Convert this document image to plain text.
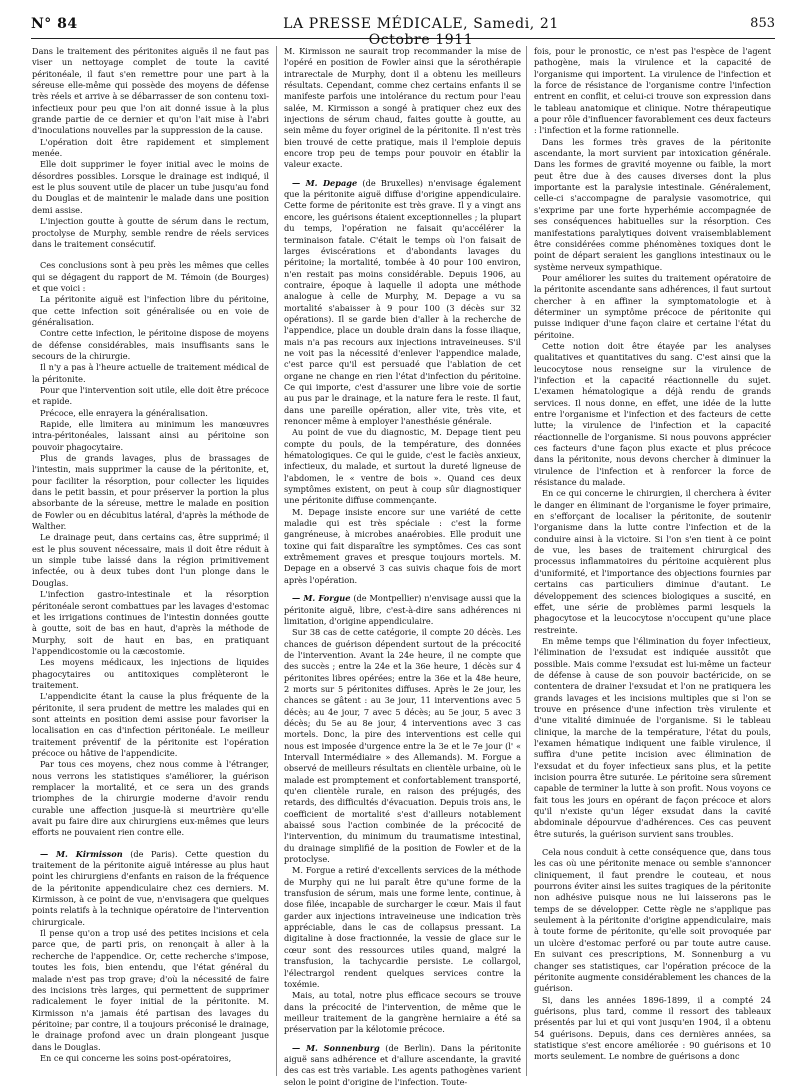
N° 84	LA PRESSE MÉDICALE, Samedi, 21 Octobre 1911
853

Dans le traitement des péritonites aiguës il ne faut pas viser un nettoyage complet de toute la cavité péritonéale, il faut s'en remettre pour une part à la séreuse elle-même qui possède des moyens de défense très réels et arrive à se débarrasser de son contenu toxi-infectieux pour peu que l'on ait donné issue à la plus grande partie de ce dernier et qu'on l'ait mise à l'abri d'inoculations nouvelles par la suppression de la cause.

L'opération doit être rapidement et simplement menée.

Elle doit supprimer le foyer initial avec le moins de désordres possibles. Lorsque le drainage est indiqué, il est le plus souvent utile de placer un tube jusqu'au fond du Douglas et de maintenir le malade dans une position demi assise.

L'injection goutte à goutte de sérum dans le rectum, proctolyse de Murphy, semble rendre de réels services dans le traitement consécutif.

Ces conclusions sont à peu près les mêmes que celles qui se dégagent du rapport de M. Témoin (de Bourges) et que voici :

La péritonite aiguë est l'infection libre du péritoine, que cette infection soit généralisée ou en voie de généralisation.

Contre cette infection, le péritoine dispose de moyens de défense considérables, mais insuffisants sans le secours de la chirurgie.

Il n'y a pas à l'heure actuelle de traitement médical de la péritonite.

Pour que l'intervention soit utile, elle doit être précoce et rapide.

Précoce, elle enrayera la généralisation.

Rapide, elle limitera au minimum les manœuvres intra-péritonéales, laissant ainsi au péritoine son pouvoir phagocytaire.

Plus de grands lavages, plus de brassages de l'intestin, mais supprimer la cause de la péritonite, et, pour faciliter la résorption, pour collecter les liquides dans le petit bassin, et pour préserver la portion la plus absorbante de la séreuse, mettre le malade en position de Fowler ou en décubitus latéral, d'après la méthode de Walther.

Le drainage peut, dans certains cas, être supprimé; il est le plus souvent nécessaire, mais il doit être réduit à un simple tube laissé dans la région primitivement infectée, ou à deux tubes dont l'un plonge dans le Douglas.

L'infection gastro-intestinale et la résorption péritonéale seront combattues par les lavages d'estomac et les irrigations continues de l'intestin données goutte à goutte, soit de bas en haut, d'après la méthode de Murphy, soit de haut en bas, en pratiquant l'appendicostomie ou la cæcostomie.

Les moyens médicaux, les injections de liquides phagocytaires ou antitoxiques complèteront le traitement.

L'appendicite étant la cause la plus fréquente de la péritonite, il sera prudent de mettre les malades qui en sont atteints en position demi assise pour favoriser la localisation en cas d'infection péritonéale. Le meilleur traitement préventif de la péritonite est l'opération précoce ou hâtive de l'appendicite.

Par tous ces moyens, chez nous comme à l'étranger, nous verrons les statistiques s'améliorer, la guérison remplacer la mortalité, et ce sera un des grands triomphes de la chirurgie moderne d'avoir rendu curable une affection jusque-là si meurtrière qu'elle avait pu faire dire aux chirurgiens eux-mêmes que leurs efforts ne pouvaient rien contre elle.

— M. Kirmisson (de Paris). Cette question du traitement de la péritonite aiguë intéresse au plus haut point les chirurgiens d'enfants en raison de la fréquence de la péritonite appendiculaire chez ces derniers. M. Kirmisson, à ce point de vue, n'envisagera que quelques points relatifs à la technique opératoire de l'intervention chirurgicale.

Il pense qu'on a trop usé des petites incisions et cela parce que, de parti pris, on renonçait à aller à la recherche de l'appendice. Or, cette recherche s'impose, toutes les fois, bien entendu, que l'état général du malade n'est pas trop grave; d'où la nécessité de faire des incisions très larges, qui permettent de supprimer radicalement le foyer initial de la péritonite. M. Kirmisson n'a jamais été partisan des lavages du péritoine; par contre, il a toujours préconisé le drainage, le drainage profond avec un drain plongeant jusque dans le Douglas.

En ce qui concerne les soins post-opératoires,

M. Kirmisson ne saurait trop recommander la mise de l'opéré en position de Fowler ainsi que la sérothérapie intrarectale de Murphy, dont il a obtenu les meilleurs résultats. Cependant, comme chez certains enfants il se manifeste parfois une intolérance du rectum pour l'eau salée, M. Kirmisson a songé à pratiquer chez eux des injections de sérum chaud, faites goutte à goutte, au sein même du foyer originel de la péritonite. Il n'est très bien trouvé de cette pratique, mais il l'emploie depuis encore trop peu de temps pour pouvoir en établir la valeur exacte.

— M. Depage (de Bruxelles) n'envisage également que la péritonite aiguë diffuse d'origine appendiculaire. Cette forme de péritonite est très grave. Il y a vingt ans encore, les guérisons étaient exceptionnelles ; la plupart du temps, l'opération ne faisait qu'accélérer la terminaison fatale. C'était le temps où l'on faisait de larges éviscérations et d'abondants lavages du péritoine; la mortalité, tombée à 40 pour 100 environ, n'en restait pas moins considérable. Depuis 1906, au contraire, époque à laquelle il adopta une méthode analogue à celle de Murphy, M. Depage a vu sa mortalité s'abaisser à 9 pour 100 (3 décès sur 32 opérations). Il se garde bien d'aller à la recherche de l'appendice, place un double drain dans la fosse iliaque, mais n'a pas recours aux injections intraveineuses. S'il ne voit pas la nécessité d'enlever l'appendice malade, c'est parce qu'il est persuadé que l'ablation de cet organe ne change en rien l'état d'infection du péritoine. Ce qui importe, c'est d'assurer une libre voie de sortie au pus par le drainage, et la nature fera le reste. Il faut, dans une pareille opération, aller vite, très vite, et renoncer même à employer l'anesthésie générale.

Au point de vue du diagnostic, M. Depage tient peu compte du pouls, de la température, des données hématologiques. Ce qui le guide, c'est le faciès anxieux, infectieux, du malade, et surtout la dureté ligneuse de l'abdomen, le « ventre de bois ». Quand ces deux symptômes existent, on peut à coup sûr diagnostiquer une péritonite diffuse commençante.

M. Depage insiste encore sur une variété de cette maladie qui est très spéciale : c'est la forme gangréneuse, à microbes anaérobies. Elle produit une toxine qui fait disparaître les symptômes. Ces cas sont extrêmement graves et presque toujours mortels. M. Depage en a observé 3 cas suivis chaque fois de mort après l'opération.

— M. Forgue (de Montpellier) n'envisage aussi que la péritonite aiguë, libre, c'est-à-dire sans adhérences ni limitation, d'origine appendiculaire.

Sur 38 cas de cette catégorie, il compte 20 décès. Les chances de guérison dépendent surtout de la précocité de l'intervention. Avant la 24e heure, il ne compte que des succès ; entre la 24e et la 36e heure, 1 décès sur 4 péritonites libres opérées; entre la 36e et la 48e heure, 2 morts sur 5 péritonites diffuses. Après le 2e jour, les chances se gâtent : au 3e jour, 11 interventions avec 5 décès; au 4e jour, 7 avec 5 décès; au 5e jour, 5 avec 3 décès; du 5e au 8e jour, 4 interventions avec 3 cas mortels. Donc, la pire des interventions est celle qui nous est imposée d'urgence entre la 3e et le 7e jour (l' « Intervall Intermédiaire » des Allemands). M. Forgue a observé de meilleurs résultats en clientèle urbaine, où le malade est promptement et confortablement transporté, qu'en clientèle rurale, en raison des préjugés, des retards, des difficultés d'évacuation. Depuis trois ans, le coefficient de mortalité s'est d'ailleurs notablement abaissé sous l'action combinée de la précocité de l'intervention, du minimum du traumatisme intestinal, du drainage simplifié de la position de Fowler et de la protoclyse.

M. Forgue a retiré d'excellents services de la méthode de Murphy qui ne lui paraît être qu'une forme de la transfusion de sérum, mais une forme lente, continue, à dose filée, incapable de surcharger le cœur. Mais il faut garder aux injections intraveineuse une indication très appréciable, dans le cas de collapsus pressant. La digitaline à dose fractionnée, la vessie de glace sur le cœur sont des ressources utiles quand, malgré la transfusion, la tachycardie persiste. Le collargol, l'électrargol rendent quelques services contre la toxémie.

Mais, au total, notre plus efficace secours se trouve dans la précocité de l'intervention, de même que le meilleur traitement de la gangrène herniaire a été sa préservation par la kélotomie précoce.

— M. Sonnenburg (de Berlin). Dans la péritonite aiguë sans adhérence et d'allure ascendante, la gravité des cas est très variable. Les agents pathogènes varient selon le point d'origine de l'infection. Toute-

fois, pour le pronostic, ce n'est pas l'espèce de l'agent pathogène, mais la virulence et la capacité de l'organisme qui importent. La virulence de l'infection et la force de résistance de l'organisme contre l'infection entrent en conflit, et celui-ci trouve son expression dans le tableau anatomique et clinique. Notre thérapeutique a pour rôle d'influencer favorablement ces deux facteurs : l'infection et la forme rationnelle.

Dans les formes très graves de la péritonite ascendante, la mort survient par intoxication générale. Dans les formes de gravité moyenne ou faible, la mort peut être due à des causes diverses dont la plus importante est la paralysie intestinale. Généralement, celle-ci s'accompagne de paralysie vasomotrice, qui s'exprime par une forte hyperhémie accompagnée de ses conséquences habituelles sur la résorption. Ces manifestations paralytiques doivent vraisemblablement être considérées comme phénomènes toxiques dont le point de départ seraient les ganglions intestinaux ou le système nerveux sympathique.

Pour améliorer les suites du traitement opératoire de la péritonite ascendante sans adhérences, il faut surtout chercher à en affiner la symptomatologie et à déterminer un symptôme précoce de péritonite qui puisse indiquer d'une façon claire et certaine l'état du péritoine.

Cette notion doit être étayée par les analyses qualitatives et quantitatives du sang. C'est ainsi que la leucocytose nous renseigne sur la virulence de l'infection et la capacité réactionnelle du sujet. L'examen hématologique a déjà rendu de grands services. Il nous donne, en effet, une idée de la lutte entre l'organisme et l'infection et des facteurs de cette lutte; la virulence de l'infection et la capacité réactionnelle de l'organisme. Si nous pouvons apprécier ces facteurs d'une façon plus exacte et plus précoce dans la péritonite, nous devons chercher à diminuer la virulence de l'infection et à renforcer la force de résistance du malade.

En ce qui concerne le chirurgien, il cherchera à éviter le danger en éliminant de l'organisme le foyer primaire, en s'efforçant de localiser la péritonite, de soutenir l'organisme dans la lutte contre l'infection et de la conduire ainsi à la victoire. Si l'on s'en tient à ce point de vue, les bases de traitement chirurgical des processus inflammatoires du péritoine acquièrent plus d'uniformité, et l'importance des objections fournies par certains cas particuliers diminue d'autant. Le développement des sciences biologiques a suscité, en effet, une série de problèmes parmi lesquels la phagocytose et la leucocytose n'occupent qu'une place restreinte.

En même temps que l'élimination du foyer infectieux, l'élimination de l'exsudat est indiquée aussitôt que possible. Mais comme l'exsudat est lui-même un facteur de défense à cause de son pouvoir bactéricide, on se contentera de drainer l'exsudat et l'on ne pratiquera les grands lavages et les incisions multiples que si l'on se trouve en présence d'une infection très virulente et d'une vitalité diminuée de l'organisme. Si le tableau clinique, la marche de la température, l'état du pouls, l'examen hématique indiquent une faible virulence, il suffira d'une petite incision avec élimination de l'exsudat et du foyer infectieux sans plus, et la petite incision pourra être suturée. Le péritoine sera sûrement capable de terminer la lutte à son profit. Nous voyons ce fait tous les jours en opérant de façon précoce et alors qu'il n'existe qu'un léger exsudat dans la cavité abdominale dépourvue d'adhérences. Ces cas peuvent être suturés, la guérison survient sans troubles.

Cela nous conduit à cette conséquence que, dans tous les cas où une péritonite menace ou semble s'annoncer cliniquement, il faut prendre le couteau, et nous pourrons éviter ainsi les suites tragiques de la péritonite non adhésive puisque nous ne lui laisserons pas le temps de se développer. Cette règle ne s'applique pas seulement à la péritonite d'origine appendiculaire, mais à toute forme de péritonite, qu'elle soit provoquée par un ulcère d'estomac perforé ou par toute autre cause. En suivant ces prescriptions, M. Sonnenburg a vu changer ses statistiques, car l'opération précoce de la péritonite augmente considérablement les chances de la guérison.

Si, dans les années 1896-1899, il a compté 24 guérisons, plus tard, comme il ressort des tableaux présentés par lui et qui vont jusqu'en 1904, il a obtenu 54 guérisons. Depuis, dans ces dernières années, sa statistique s'est encore améliorée : 90 guérisons et 10 morts seulement. Le nombre de guérisons a donc
